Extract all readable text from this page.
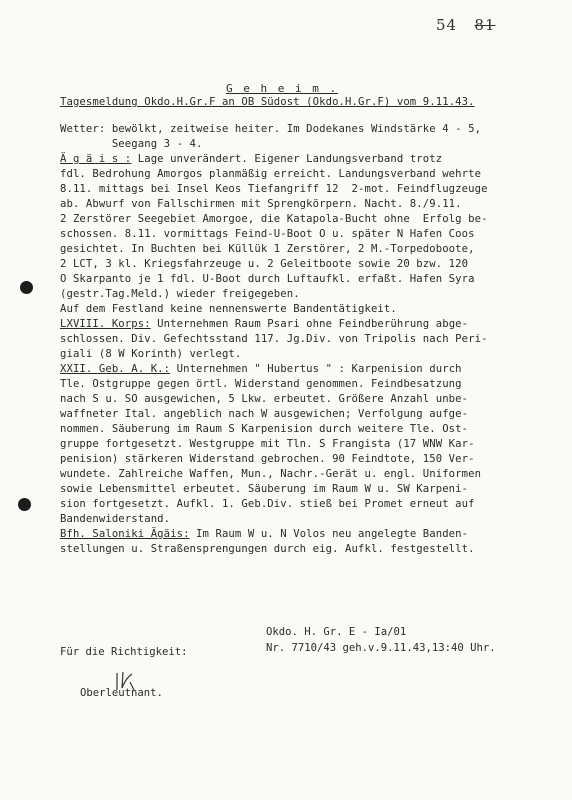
54 81
G e h e i m .
Tagesmeldung Okdo.H.Gr.F an OB Südost (Okdo.H.Gr.F) vom 9.11.43.
Wetter: bewölkt, zeitweise heiter. Im Dodekanes Windstärke 4 - 5,
Seegang 3 - 4.
Ä g ä i s : Lage unverändert. Eigener Landungsverband trotz
fdl. Bedrohung Amorgos planmäßig erreicht. Landungsverband wehrte
8.11. mittags bei Insel Keos Tiefangriff 12  2-mot. Feindflugzeuge
ab. Abwurf von Fallschirmen mit Sprengkörpern. Nacht. 8./9.11.
2 Zerstörer Seegebiet Amorgoe, die Katapola-Bucht ohne  Erfolg be-
schossen. 8.11. vormittags Feind-U-Boot O u. später N Hafen Coos
gesichtet. In Buchten bei Küllük 1 Zerstörer, 2 M.-Torpedoboote,
2 LCT, 3 kl. Kriegsfahrzeuge u. 2 Geleitboote sowie 20 bzw. 120
O Skarpanto je 1 fdl. U-Boot durch Luftaufkl. erfaßt. Hafen Syra
(gestr.Tag.Meld.) wieder freigegeben.
Auf dem Festland keine nennenswerte Bandentätigkeit.
LXVIII. Korps: Unternehmen Raum Psari ohne Feindberührung abge-
schlossen. Div. Gefechtsstand 117. Jg.Div. von Tripolis nach Peri-
giali (8 W Korinth) verlegt.
XXII. Geb. A. K.: Unternehmen " Hubertus " : Karpenision durch
Tle. Ostgruppe gegen örtl. Widerstand genommen. Feindbesatzung
nach S u. SO ausgewichen, 5 Lkw. erbeutet. Größere Anzahl unbe-
waffneter Ital. angeblich nach W ausgewichen; Verfolgung aufge-
nommen. Säuberung im Raum S Karpenision durch weitere Tle. Ost-
gruppe fortgesetzt. Westgruppe mit Tln. S Frangista (17 WNW Kar-
penision) stärkeren Widerstand gebrochen. 90 Feindtote, 150 Ver-
wundete. Zahlreiche Waffen, Mun., Nachr.-Gerät u. engl. Uniformen
sowie Lebensmittel erbeutet. Säuberung im Raum W u. SW Karpeni-
sion fortgesetzt. Aufkl. 1. Geb.Div. stieß bei Promet erneut auf
Bandenwiderstand.
Bfh. Saloniki Ägäis: Im Raum W u. N Volos neu angelegte Banden-
stellungen u. Straßensprengungen durch eig. Aufkl. festgestellt.
Okdo. H. Gr. E - Ia/01
Nr. 7710/43 geh.v.9.11.43,13:40 Uhr.
Für die Richtigkeit:
Oberleutnant.
